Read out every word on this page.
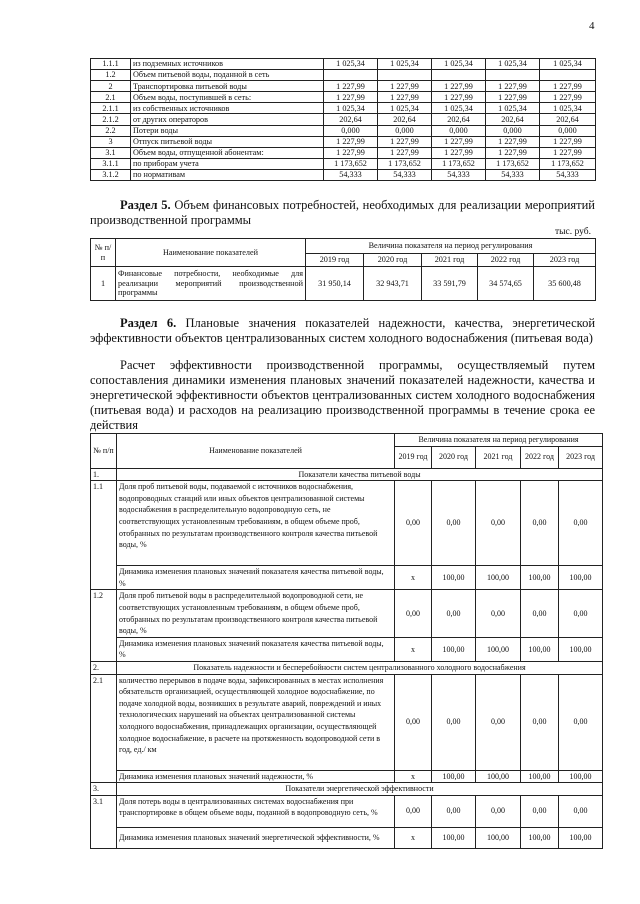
4
1.1.1	из подземных источников	1 025,34	1 025,34	1 025,34	1 025,34	1 025,34
1.2	Объем питьевой воды, поданной в сеть					
2	Транспортировка питьевой воды	1 227,99	1 227,99	1 227,99	1 227,99	1 227,99
2.1	Объем воды, поступившей в сеть:	1 227,99	1 227,99	1 227,99	1 227,99	1 227,99
2.1.1	из собственных источников	1 025,34	1 025,34	1 025,34	1 025,34	1 025,34
2.1.2	от других операторов	202,64	202,64	202,64	202,64	202,64
2.2	Потери воды	0,000	0,000	0,000	0,000	0,000
3	Отпуск питьевой воды	1 227,99	1 227,99	1 227,99	1 227,99	1 227,99
3.1	Объем воды, отпущенной абонентам:	1 227,99	1 227,99	1 227,99	1 227,99	1 227,99
3.1.1	по приборам учета	1 173,652	1 173,652	1 173,652	1 173,652	1 173,652
3.1.2	по нормативам	54,333	54,333	54,333	54,333	54,333
Раздел 5. Объем финансовых потребностей, необходимых для реализации мероприятий производственной программы
тыс. руб.
№ п/п	Наименование показателей	Величина показателя на период регулирования				
		2019 год	2020 год	2021 год	2022 год	2023 год
1	Финансовые потребности, необходимые для реализации мероприятий производственной программы	31 950,14	32 943,71	33 591,79	34 574,65	35 600,48
Раздел 6. Плановые значения показателей надежности, качества, энергетической эффективности объектов централизованных систем холодного водоснабжения (питьевая вода)
Расчет эффективности производственной программы, осуществляемый путем сопоставления динамики изменения плановых значений показателей надежности, качества и энергетической эффективности объектов централизованных систем холодного водоснабжения (питьевая вода) и расходов на реализацию производственной программы в течение срока ее действия
№ п/п	Наименование показателей	Величина показателя на период регулирования				
		2019 год	2020 год	2021 год	2022 год	2023 год
1.	Показатели качества питьевой воды					
1.1	Доля проб питьевой воды, подаваемой с источников водоснабжения, водопроводных станций или иных объектов централизованной системы водоснабжения в распределительную водопроводную сеть, не соответствующих установленным требованиям, в общем объеме проб, отобранных по результатам производственного контроля качества питьевой воды, %	0,00	0,00	0,00	0,00	0,00
	Динамика изменения плановых значений показателя качества питьевой воды, %	x	100,00	100,00	100,00	100,00
1.2	Доля проб питьевой воды в распределительной водопроводной сети, не соответствующих установленным требованиям, в общем объеме проб, отобранных по результатам производственного контроля качества питьевой воды, %	0,00	0,00	0,00	0,00	0,00
	Динамика изменения плановых значений показателя качества питьевой воды, %	x	100,00	100,00	100,00	100,00
2.	Показатель надежности и бесперебойности систем централизованного холодного водоснабжения					
2.1	количество перерывов в подаче воды, зафиксированных в местах исполнения обязательств организацией, осуществляющей холодное водоснабжение, по подаче холодной воды, возникших в результате аварий, повреждений и иных технологических нарушений на объектах централизованной системы холодного водоснабжения, принадлежащих организации, осуществляющей холодное водоснабжение, в расчете на протяженность водопроводной сети в год, ед./ км	0,00	0,00	0,00	0,00	0,00
	Динамика изменения плановых значений надежности, %	x	100,00	100,00	100,00	100,00
3.	Показатели энергетической эффективности					
3.1	Доля потерь воды в централизованных системах водоснабжения при транспортировке в общем объеме воды, поданной в водопроводную сеть, %	0,00	0,00	0,00	0,00	0,00
	Динамика изменения плановых значений энергетической эффективности, %	x	100,00	100,00	100,00	100,00
